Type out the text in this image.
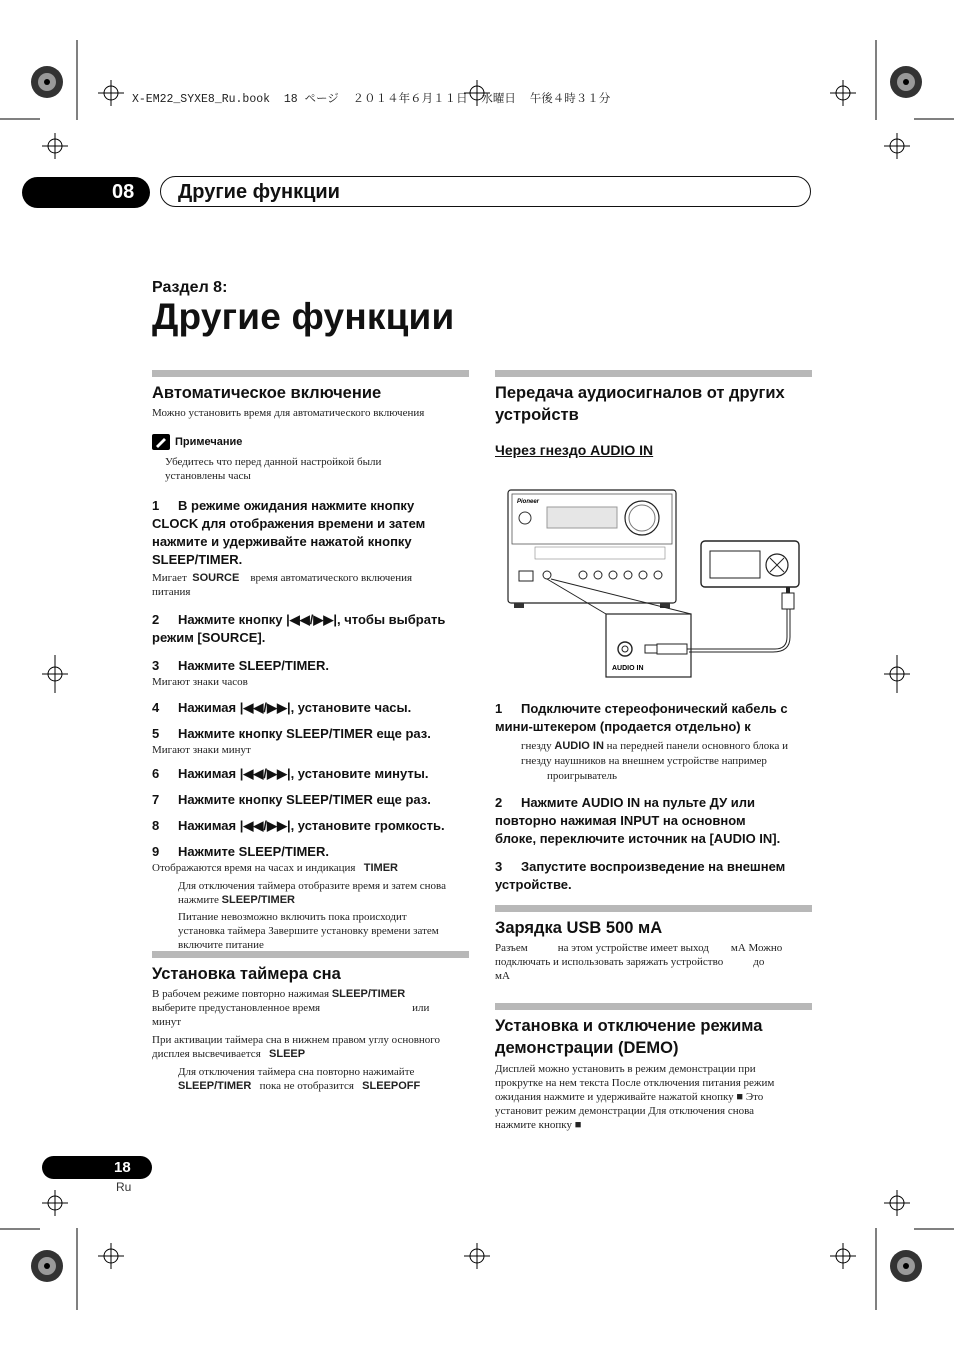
X-EM22_SYXE8_Ru.book  18 ページ  ２０１４年６月１１日  水曜日  午後４時３１分
08	Другие функции
Раздел 8:
Другие функции
Автоматическое включение
Можно установить время для автоматического включения
Примечание
Убедитесь что перед данной настройкой были
установлены часы
1 В режиме ожидания нажмите кнопку
CLOCK для отображения времени и затем
нажмите и удерживайте нажатой кнопку
SLEEP/TIMER.
Мигает SOURCE время автоматического включения
питания
2 Нажмите кнопку |◀◀/▶▶|, чтобы выбрать
режим [SOURCE].
3 Нажмите SLEEP/TIMER.
Мигают знаки часов
4 Нажимая |◀◀/▶▶|, установите часы.
5 Нажмите кнопку SLEEP/TIMER еще раз.
Мигают знаки минут
6 Нажимая |◀◀/▶▶|, установите минуты.
7 Нажмите кнопку SLEEP/TIMER еще раз.
8 Нажимая |◀◀/▶▶|, установите громкость.
9 Нажмите SLEEP/TIMER.
Отображаются время на часах и индикация TIMER
Для отключения таймера отобразите время и затем снова
нажмите SLEEP/TIMER
Питание невозможно включить пока происходит
установка таймера Завершите установку времени затем
включите питание
Установка таймера сна
В рабочем режиме повторно нажимая SLEEP/TIMER
выберите предустановленное время	или
минут
При активации таймера сна в нижнем правом углу основного
дисплея высвечивается SLEEP
Для отключения таймера сна повторно нажимайте
SLEEP/TIMER пока не отобразится SLEEPOFF
Передача аудиосигналов от других
устройств
Через гнездо AUDIO IN
Pioneer
AUDIO IN
1 Подключите стереофонический кабель с
мини-штекером (продается отдельно) к
гнезду AUDIO IN на передней панели основного блока и
гнезду наушников на внешнем устройстве например
проигрыватель
2 Нажмите AUDIO IN на пульте ДУ или
повторно нажимая INPUT на основном
блоке, переключите источник на [AUDIO IN].
3 Запустите воспроизведение на внешнем
устройстве.
Зарядка USB 500 мА
Разъем	на этом устройстве имеет выход мА Можно
подключать и использовать заряжать устройство	до
мА
Установка и отключение режима
демонстрации (DEMO)
Дисплей можно установить в режим демонстрации при
прокрутке на нем текста После отключения питания режим
ожидания нажмите и удерживайте нажатой кнопку ■ Это
установит режим демонстрации Для отключения снова
нажмите кнопку ■
18
Ru
